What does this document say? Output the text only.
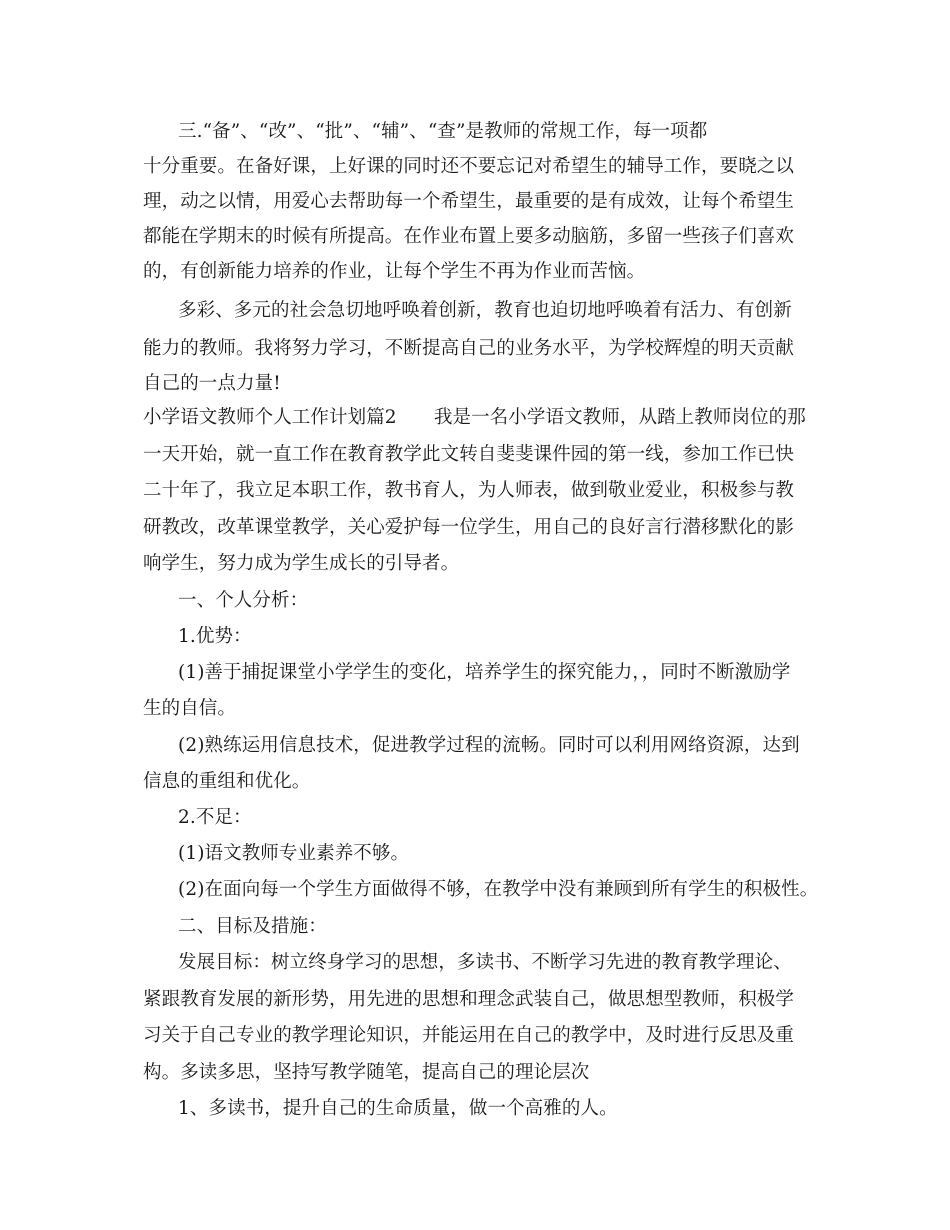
三.“备”、“改”、“批”、“辅”、“查”是教师的常规工作，每一项都
十分重要。在备好课，上好课的同时还不要忘记对希望生的辅导工作，要晓之以
理，动之以情，用爱心去帮助每一个希望生，最重要的是有成效，让每个希望生
都能在学期末的时候有所提高。在作业布置上要多动脑筋，多留一些孩子们喜欢
的，有创新能力培养的作业，让每个学生不再为作业而苦恼。
多彩、多元的社会急切地呼唤着创新，教育也迫切地呼唤着有活力、有创新
能力的教师。我将努力学习，不断提高自己的业务水平，为学校辉煌的明天贡献
自己的一点力量!
小学语文教师个人工作计划篇2　　我是一名小学语文教师，从踏上教师岗位的那
一天开始，就一直工作在教育教学此文转自斐斐课件园的第一线，参加工作已快
二十年了，我立足本职工作，教书育人，为人师表，做到敬业爱业，积极参与教
研教改，改革课堂教学，关心爱护每一位学生，用自己的良好言行潜移默化的影
响学生，努力成为学生成长的引导者。
一、个人分析：
1.优势：
(1)善于捕捉课堂小学学生的变化，培养学生的探究能力，，同时不断激励学
生的自信。
(2)熟练运用信息技术，促进教学过程的流畅。同时可以利用网络资源，达到
信息的重组和优化。
2.不足：
(1)语文教师专业素养不够。
(2)在面向每一个学生方面做得不够，在教学中没有兼顾到所有学生的积极性。
二、目标及措施：
发展目标：树立终身学习的思想，多读书、不断学习先进的教育教学理论、
紧跟教育发展的新形势，用先进的思想和理念武装自己，做思想型教师，积极学
习关于自己专业的教学理论知识，并能运用在自己的教学中，及时进行反思及重
构。多读多思，坚持写教学随笔，提高自己的理论层次
1、多读书，提升自己的生命质量，做一个高雅的人。
